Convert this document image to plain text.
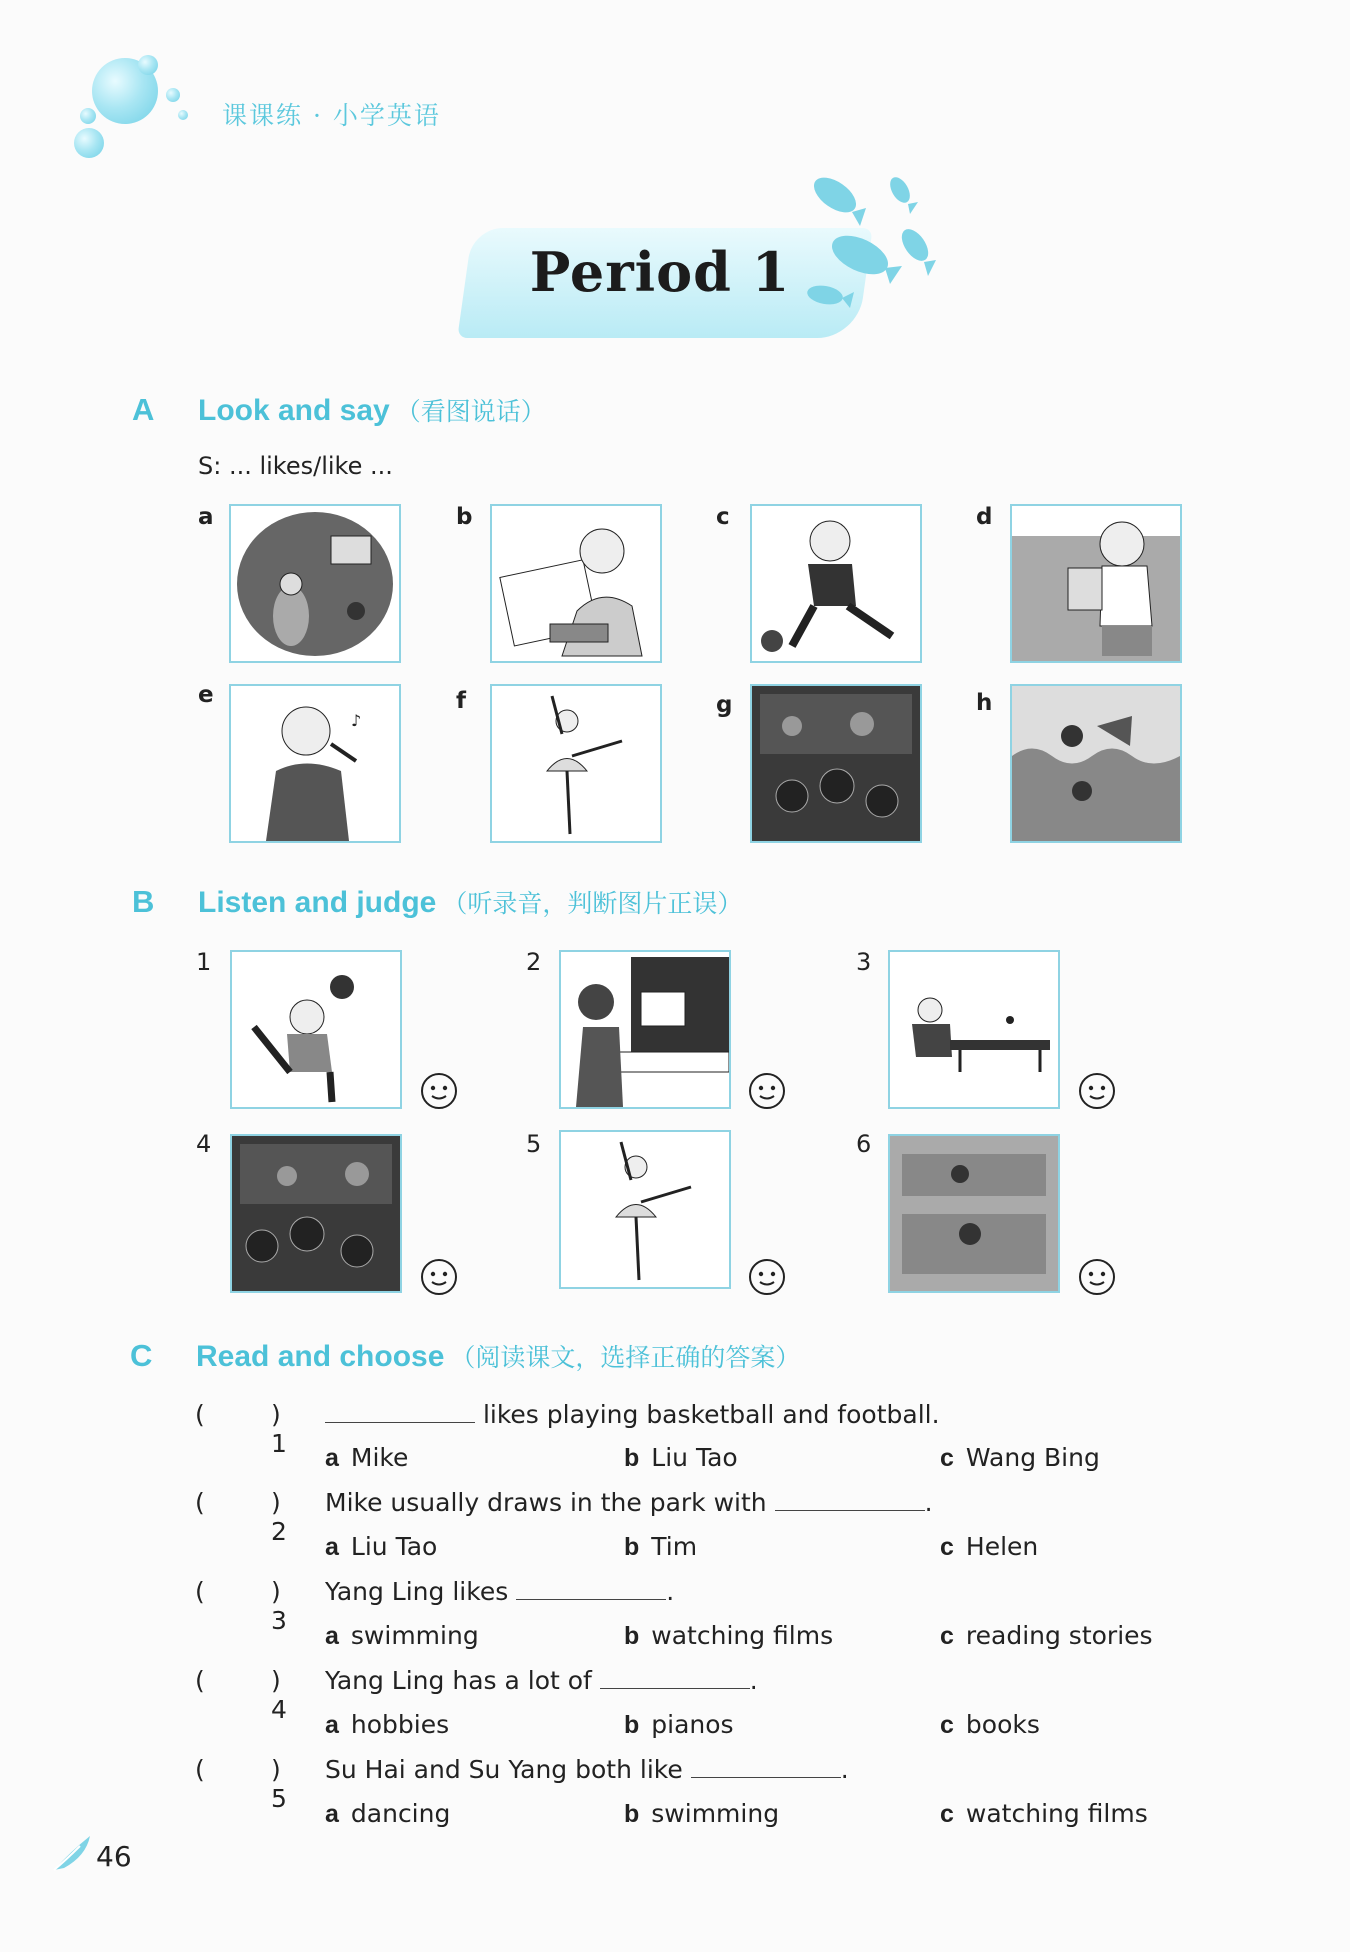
课课练 · 小学英语
Period 1
A Look and say （看图说话）
S: ... likes/like ...
a	b	c	d
e	f	g	h
♪
B Listen and judge （听录音，判断图片正误）
1	2	3
4	5	6
C Read and choose （阅读课文，选择正确的答案）
(	) 1
likes playing basketball and football.
a Mike	b Liu Tao	c Wang Bing
(	) 2
Mike usually draws in the park with	.
a Liu Tao	b Tim	c Helen
(	) 3
Yang Ling likes	.
a swimming	b watching films	c reading stories
(	) 4
Yang Ling has a lot of	.
a hobbies	b pianos	c books
(	) 5
Su Hai and Su Yang both like	.
a dancing	b swimming	c watching films
46
